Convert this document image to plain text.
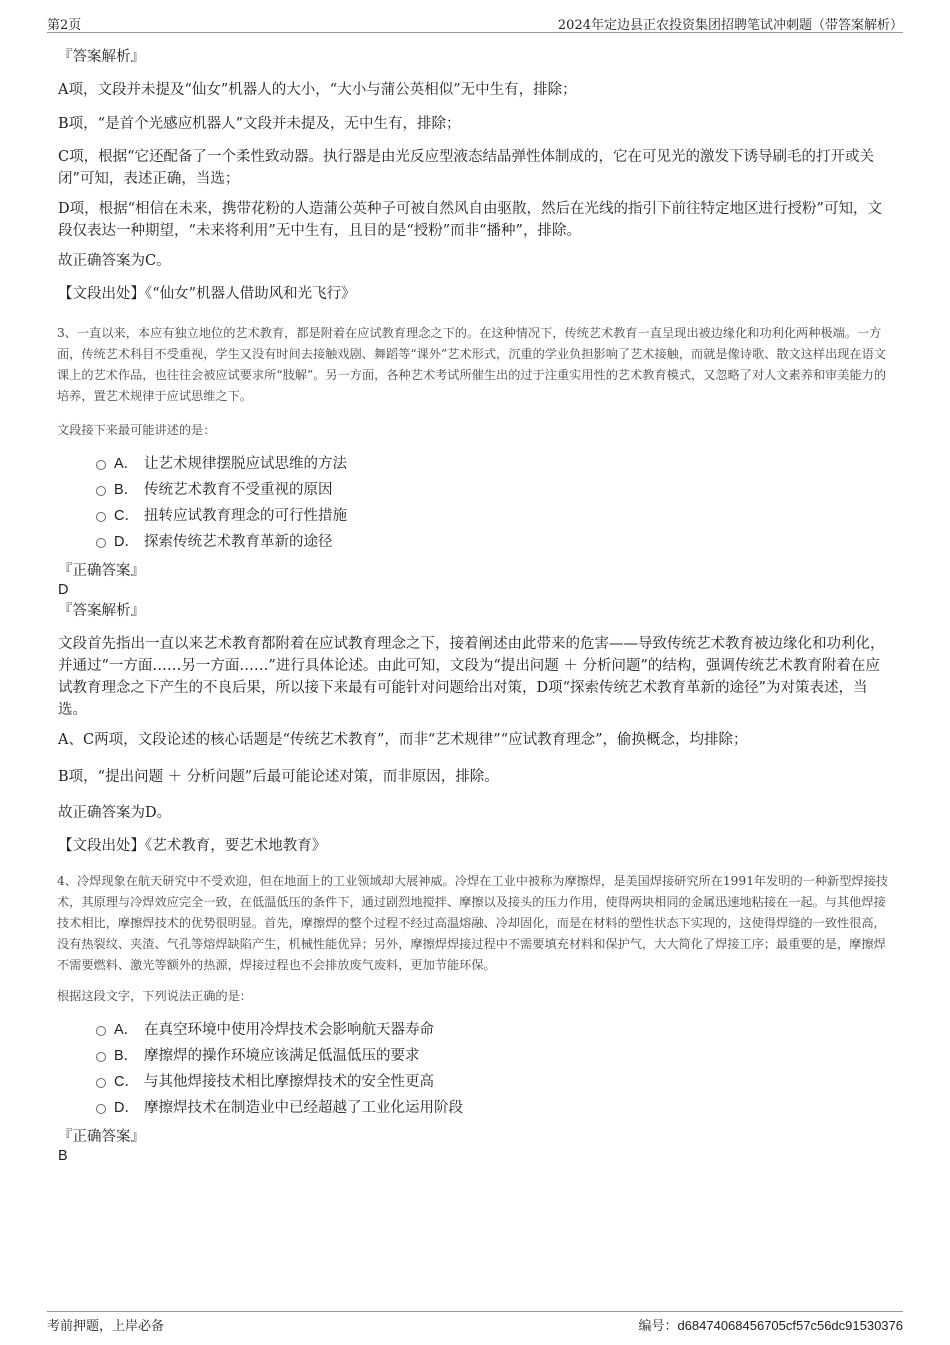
第2页	2024年定边县正农投资集团招聘笔试冲刺题（带答案解析）

『答案解析』

A项，文段并未提及“仙女”机器人的大小，“大小与蒲公英相似”无中生有，排除；

B项，“是首个光感应机器人”文段并未提及，无中生有，排除；

C项，根据“它还配备了一个柔性致动器。执行器是由光反应型液态结晶弹性体制成的，它在可见光的激发下诱导刷毛的打开或关闭”可知，表述正确，当选；

D项，根据“相信在未来，携带花粉的人造蒲公英种子可被自然风自由驱散，然后在光线的指引下前往特定地区进行授粉”可知，文段仅表达一种期望，“未来将利用”无中生有，且目的是“授粉”而非“播种”，排除。

故正确答案为C。

【文段出处】《“仙女”机器人借助风和光飞行》

3、一直以来，本应有独立地位的艺术教育，都是附着在应试教育理念之下的。在这种情况下，传统艺术教育一直呈现出被边缘化和功利化两种极端。一方面，传统艺术科目不受重视，学生又没有时间去接触戏剧、舞蹈等“课外”艺术形式，沉重的学业负担影响了艺术接触，而就是像诗歌、散文这样出现在语文课上的艺术作品，也往往会被应试要求所“肢解”。另一方面，各种艺术考试所催生出的过于注重实用性的艺术教育模式，又忽略了对人文素养和审美能力的培养，置艺术规律于应试思维之下。

文段接下来最可能讲述的是：

A． 让艺术规律摆脱应试思维的方法
B． 传统艺术教育不受重视的原因
C． 扭转应试教育理念的可行性措施
D． 探索传统艺术教育革新的途径

『正确答案』

D

『答案解析』

文段首先指出一直以来艺术教育都附着在应试教育理念之下，接着阐述由此带来的危害——导致传统艺术教育被边缘化和功利化，并通过“一方面……另一方面……”进行具体论述。由此可知，文段为“提出问题 ＋ 分析问题”的结构，强调传统艺术教育附着在应试教育理念之下产生的不良后果，所以接下来最有可能针对问题给出对策，D项“探索传统艺术教育革新的途径”为对策表述，当选。

A、C两项，文段论述的核心话题是“传统艺术教育”，而非“艺术规律”“应试教育理念”，偷换概念，均排除；

B项，“提出问题 ＋ 分析问题”后最可能论述对策，而非原因，排除。

故正确答案为D。

【文段出处】《艺术教育，要艺术地教育》

4、冷焊现象在航天研究中不受欢迎，但在地面上的工业领域却大展神威。冷焊在工业中被称为摩擦焊，是美国焊接研究所在1991年发明的一种新型焊接技术，其原理与冷焊效应完全一致，在低温低压的条件下，通过剧烈地搅拌、摩擦以及接头的压力作用，使得两块相同的金属迅速地粘接在一起。与其他焊接技术相比，摩擦焊技术的优势很明显。首先，摩擦焊的整个过程不经过高温熔融、冷却固化，而是在材料的塑性状态下实现的，这使得焊缝的一致性很高，没有热裂纹、夹渣、气孔等熔焊缺陷产生，机械性能优异；另外，摩擦焊焊接过程中不需要填充材料和保护气，大大简化了焊接工序；最重要的是，摩擦焊不需要燃料、激光等额外的热源，焊接过程也不会排放废气废料，更加节能环保。

根据这段文字，下列说法正确的是：

A． 在真空环境中使用冷焊技术会影响航天器寿命
B． 摩擦焊的操作环境应该满足低温低压的要求
C． 与其他焊接技术相比摩擦焊技术的安全性更高
D． 摩擦焊技术在制造业中已经超越了工业化运用阶段

『正确答案』

B

考前押题，上岸必备	编号：d68474068456705cf57c56dc91530376
